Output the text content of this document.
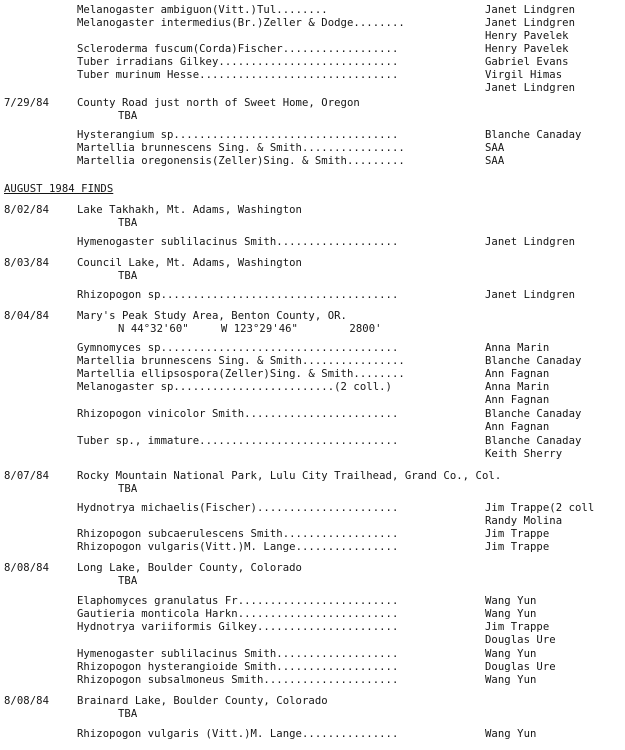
Melanogaster ambiguon(Vitt.)Tul........	Janet Lindgren
Melanogaster intermedius(Br.)Zeller & Dodge........	Janet Lindgren
Henry Pavelek
Scleroderma fuscum(Corda)Fischer..................	Henry Pavelek
Tuber irradians Gilkey............................	Gabriel Evans
Tuber murinum Hesse...............................	Virgil Himas
Janet Lindgren
7/29/84	County Road just north of Sweet Home, Oregon
TBA
Hysterangium sp...................................	Blanche Canaday
Martellia brunnescens Sing. & Smith................	SAA
Martellia oregonensis(Zeller)Sing. & Smith.........	SAA
AUGUST 1984 FINDS
8/02/84	Lake Takhakh, Mt. Adams, Washington
TBA
Hymenogaster sublilacinus Smith...................	Janet Lindgren
8/03/84	Council Lake, Mt. Adams, Washington
TBA
Rhizopogon sp.....................................	Janet Lindgren
8/04/84	Mary's Peak Study Area, Benton County, OR.
N 44°32'60"     W 123°29'46"        2800'
Gymnomyces sp.....................................	Anna Marin
Martellia brunnescens Sing. & Smith................	Blanche Canaday
Martellia ellipsospora(Zeller)Sing. & Smith........	Ann Fagnan
Melanogaster sp.........................(2 coll.)	Anna Marin
Ann Fagnan
Rhizopogon vinicolor Smith........................	Blanche Canaday
Ann Fagnan
Tuber sp., immature...............................	Blanche Canaday
Keith Sherry
8/07/84	Rocky Mountain National Park, Lulu City Trailhead, Grand Co., Col.
TBA
Hydnotrya michaelis(Fischer)......................	Jim Trappe(2 coll
Randy Molina
Rhizopogon subcaerulescens Smith..................	Jim Trappe
Rhizopogon vulgaris(Vitt.)M. Lange................	Jim Trappe
8/08/84	Long Lake, Boulder County, Colorado
TBA
Elaphomyces granulatus Fr.........................	Wang Yun
Gautieria monticola Harkn.........................	Wang Yun
Hydnotrya variiformis Gilkey......................	Jim Trappe
Douglas Ure
Hymenogaster sublilacinus Smith...................	Wang Yun
Rhizopogon hysterangioide Smith...................	Douglas Ure
Rhizopogon subsalmoneus Smith.....................	Wang Yun
8/08/84	Brainard Lake, Boulder County, Colorado
TBA
Rhizopogon vulgaris (Vitt.)M. Lange...............	Wang Yun
